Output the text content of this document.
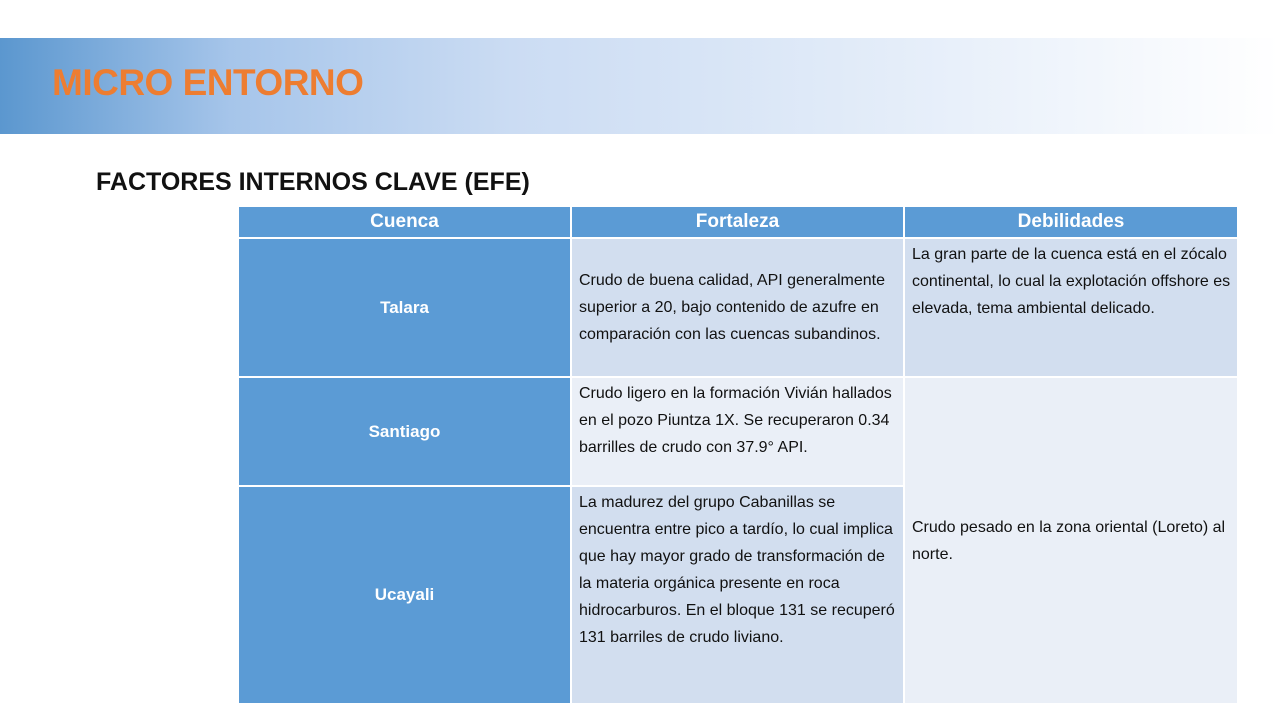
MICRO ENTORNO
FACTORES INTERNOS CLAVE (EFE)
Cuenca	Fortaleza	Debilidades
Talara	Crudo de buena calidad, API generalmente superior a 20, bajo contenido de azufre en comparación con las cuencas subandinos.	La gran parte de la cuenca está en el zócalo continental, lo cual la explotación offshore es elevada, tema ambiental delicado.
Santiago	Crudo ligero en la formación Vivián hallados en el pozo Piuntza 1X. Se recuperaron 0.34 barrilles de crudo con 37.9° API.	Crudo pesado en la zona oriental (Loreto) al norte.
Ucayali	La madurez del grupo Cabanillas se encuentra entre pico a tardío, lo cual implica que hay mayor grado de transformación de la materia orgánica presente en roca hidrocarburos. En el bloque 131 se recuperó 131 barriles de crudo liviano.	
